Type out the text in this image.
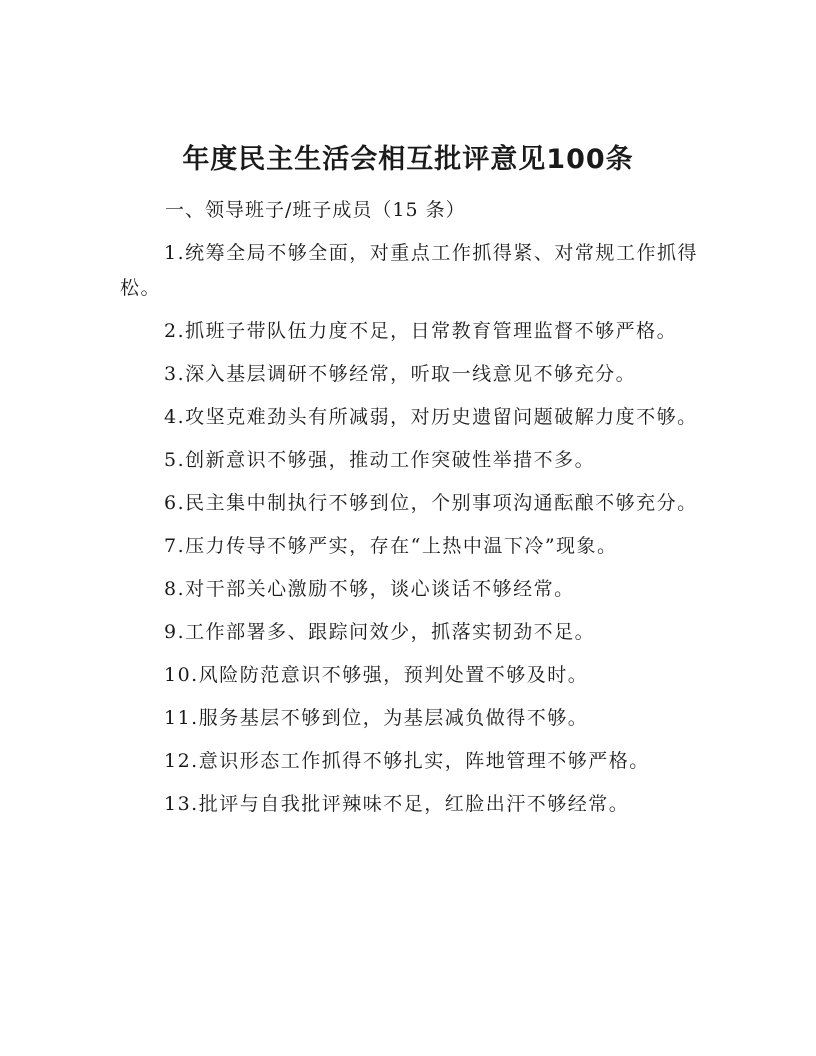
年度民主生活会相互批评意见100条
一、领导班子/班子成员（15 条）

1.统筹全局不够全面，对重点工作抓得紧、对常规工作抓得松。

2.抓班子带队伍力度不足，日常教育管理监督不够严格。

3.深入基层调研不够经常，听取一线意见不够充分。

4.攻坚克难劲头有所减弱，对历史遗留问题破解力度不够。

5.创新意识不够强，推动工作突破性举措不多。

6.民主集中制执行不够到位，个别事项沟通酝酿不够充分。

7.压力传导不够严实，存在“上热中温下冷”现象。

8.对干部关心激励不够，谈心谈话不够经常。

9.工作部署多、跟踪问效少，抓落实韧劲不足。

10.风险防范意识不够强，预判处置不够及时。

11.服务基层不够到位，为基层减负做得不够。

12.意识形态工作抓得不够扎实，阵地管理不够严格。

13.批评与自我批评辣味不足，红脸出汗不够经常。
